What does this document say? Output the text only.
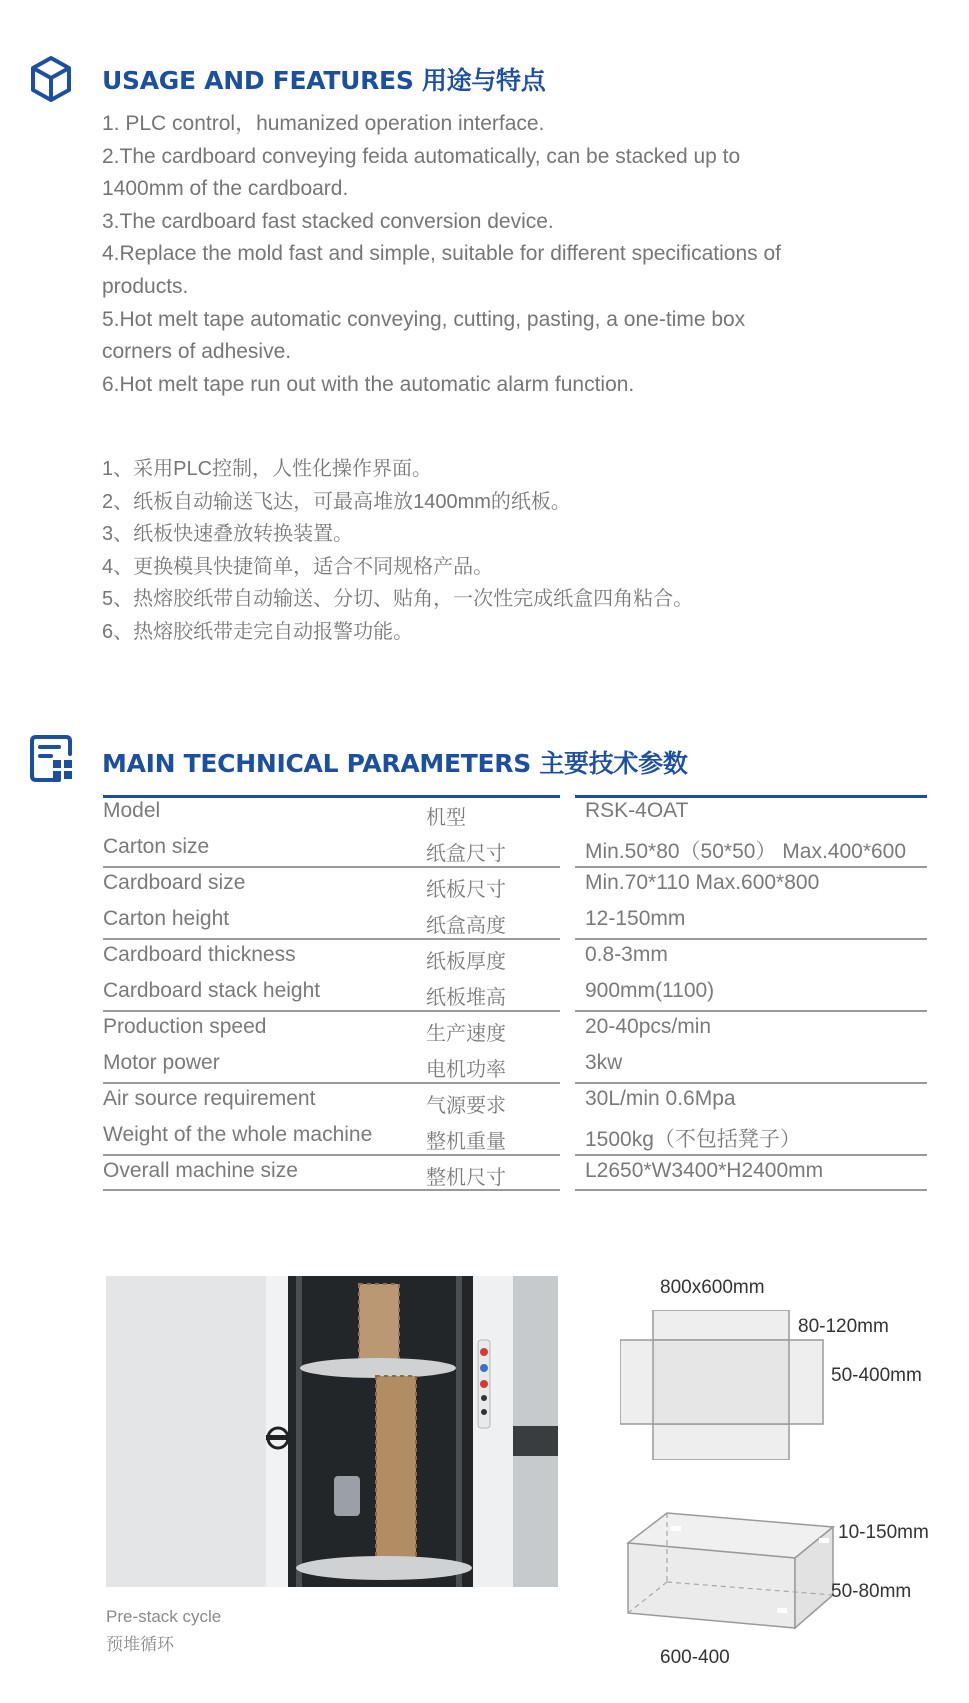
USAGE AND FEATURES 用途与特点

1. PLC control，humanized operation interface.

2.The cardboard conveying feida automatically, can be stacked up to

1400mm of the cardboard.

3.The cardboard fast stacked conversion device.

4.Replace the mold fast and simple, suitable for different specifications of

products.

5.Hot melt tape automatic conveying, cutting, pasting, a one-time box

corners of adhesive.

6.Hot melt tape run out with the automatic alarm function.

1、采用PLC控制，人性化操作界面。

2、纸板自动输送飞达，可最高堆放1400mm的纸板。

3、纸板快速叠放转换装置。

4、更换模具快捷简单，适合不同规格产品。

5、热熔胶纸带自动输送、分切、贴角，一次性完成纸盒四角粘合。

6、热熔胶纸带走完自动报警功能。

MAIN TECHNICAL PARAMETERS 主要技术参数
Model	机型	RSK-4OAT
Carton size	纸盒尺寸	Min.50*80（50*50） Max.400*600
Cardboard size	纸板尺寸	Min.70*110 Max.600*800
Carton height	纸盒高度	12-150mm
Cardboard thickness	纸板厚度	0.8-3mm
Cardboard stack height	纸板堆高	900mm(1100)
Production speed	生产速度	20-40pcs/min
Motor power	电机功率	3kw
Air source requirement	气源要求	30L/min 0.6Mpa
Weight of the whole machine	整机重量	1500kg（不包括凳子）
Overall machine size	整机尺寸	L2650*W3400*H2400mm
Pre-stack cycle
预堆循环
800x600mm
80-120mm
50-400mm
10-150mm
50-80mm
600-400
